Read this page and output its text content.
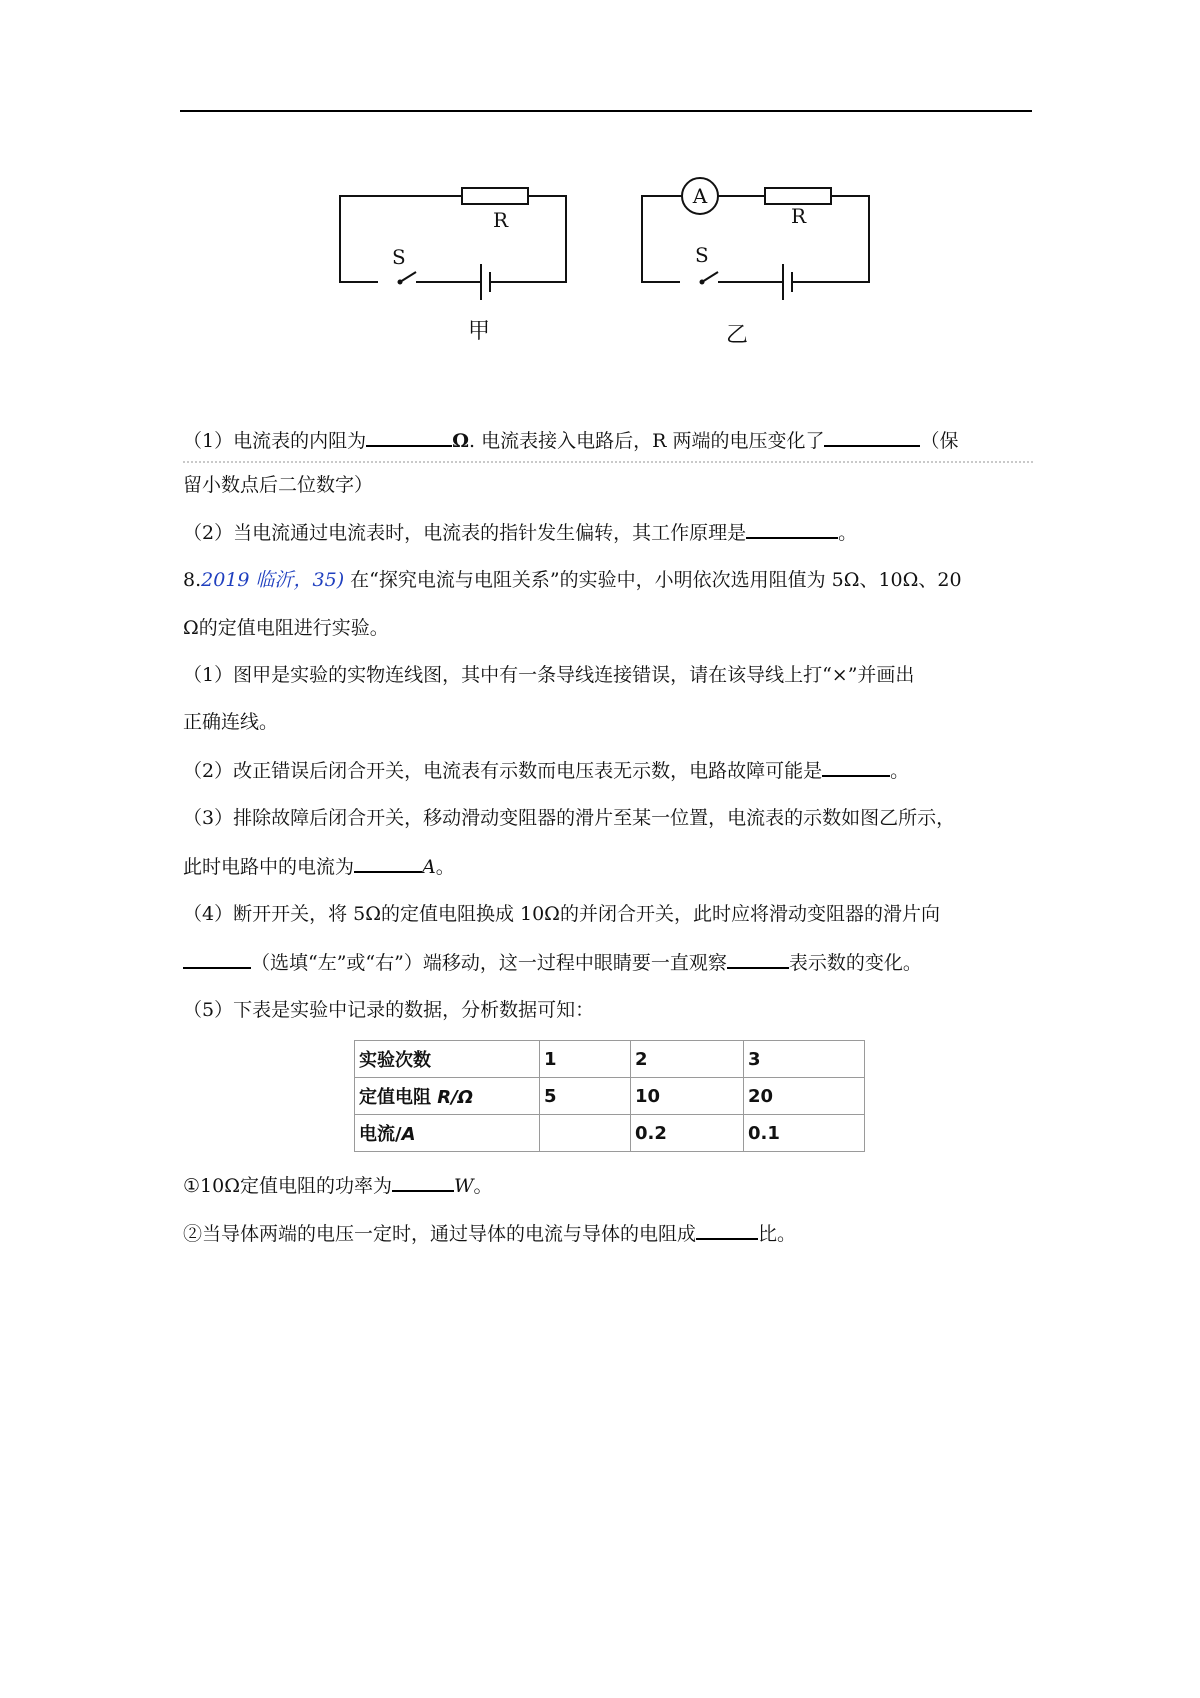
R
S
A
R
S
甲	乙
（1）电流表的内阻为	Ω. 电流表接入电路后，R 两端的电压变化了	（保
留小数点后二位数字）
（2）当电流通过电流表时，电流表的指针发生偏转，其工作原理是	。
8.2019 临沂，35) 在“探究电流与电阻关系”的实验中，小明依次选用阻值为 5Ω、10Ω、20
Ω的定值电阻进行实验。
（1）图甲是实验的实物连线图，其中有一条导线连接错误，请在该导线上打“×”并画出
正确连线。
（2）改正错误后闭合开关，电流表有示数而电压表无示数，电路故障可能是	。
（3）排除故障后闭合开关，移动滑动变阻器的滑片至某一位置，电流表的示数如图乙所示，
此时电路中的电流为	A。
（4）断开开关，将 5Ω的定值电阻换成 10Ω的并闭合开关，此时应将滑动变阻器的滑片向
（选填“左”或“右”）端移动，这一过程中眼睛要一直观察	表示数的变化。
（5）下表是实验中记录的数据，分析数据可知：
实验次数	1	2	3
定值电阻 R/Ω	5	10	20
电流/A		0.2	0.1
①10Ω定值电阻的功率为	W。
②当导体两端的电压一定时，通过导体的电流与导体的电阻成	比。
